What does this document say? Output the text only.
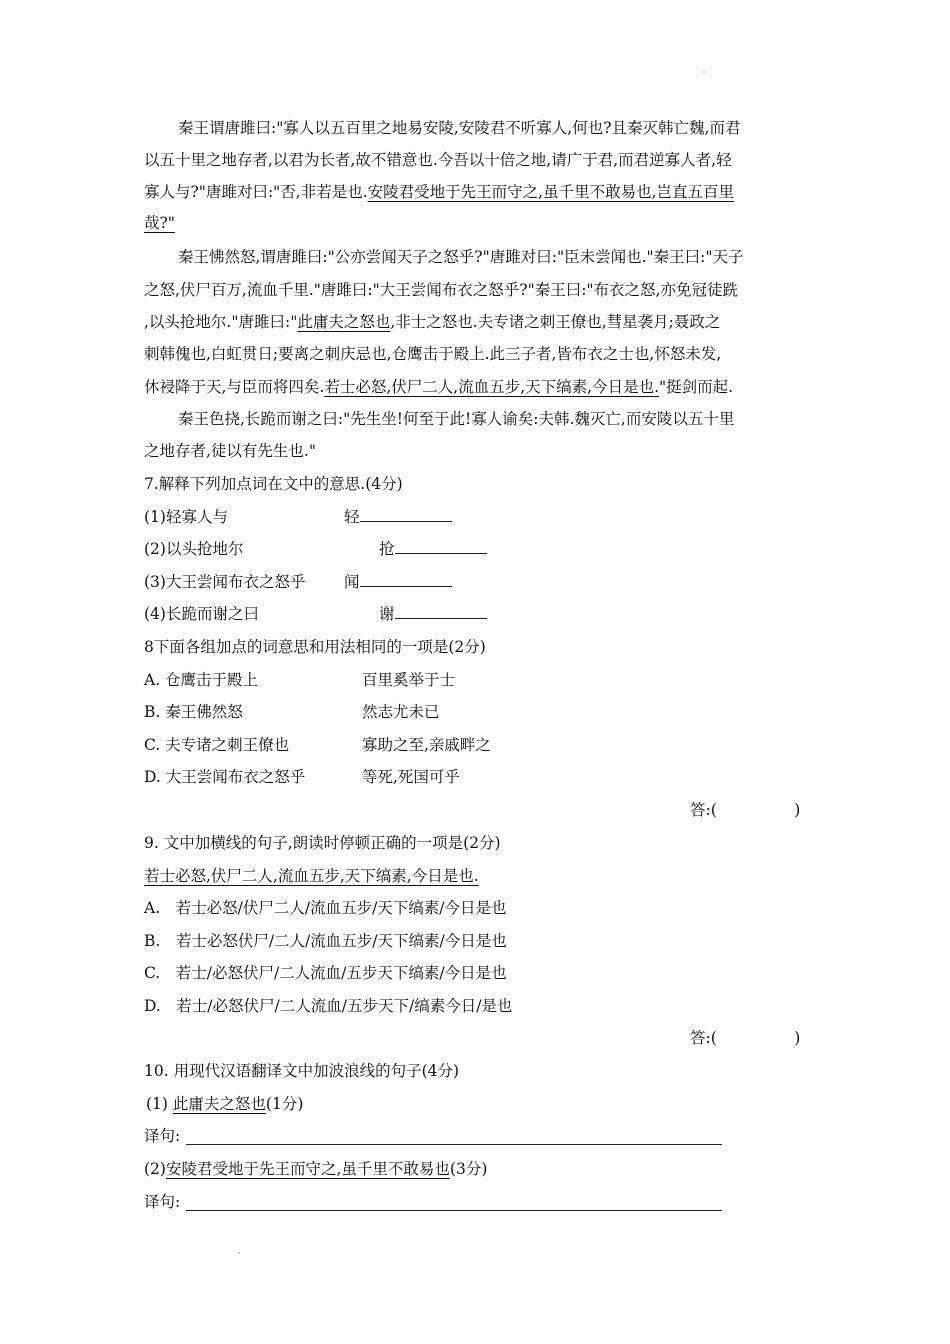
秦王谓唐雎曰:"寡人以五百里之地易安陵,安陵君不听寡人,何也?且秦灭韩亡魏,而君
以五十里之地存者,以君为长者,故不错意也.今吾以十倍之地,请广于君,而君逆寡人者,轻
寡人与?"唐雎对曰:"否,非若是也.安陵君受地于先王而守之,虽千里不敢易也,岂直五百里
哉?"
秦王怫然怒,谓唐雎曰:"公亦尝闻天子之怒乎?"唐雎对曰:"臣未尝闻也."秦王曰:"天子
之怒,伏尸百万,流血千里."唐雎曰:"大王尝闻布衣之怒乎?"秦王曰:"布衣之怒,亦免冠徒跣
,以头抢地尔."唐雎曰:"此庸夫之怒也,非士之怒也.夫专诸之刺王僚也,彗星袭月;聂政之
刺韩傀也,白虹贯日;要离之刺庆忌也,仓鹰击于殿上.此三子者,皆布衣之士也,怀怒未发,
休祲降于天,与臣而将四矣.若士必怒,伏尸二人,流血五步,天下缟素,今日是也."挺剑而起.
秦王色挠,长跪而谢之曰:"先生坐!何至于此!寡人谕矣:夫韩.魏灭亡,而安陵以五十里
之地存者,徒以有先生也."
7.解释下列加点词在文中的意思.(4分)
(1)轻寡人与	轻
(2)以头抢地尔	抢
(3)大王尝闻布衣之怒乎 闻
(4)长跪而谢之曰	谢
8下面各组加点的词意思和用法相同的一项是(2分)
A. 仓鹰击于殿上	百里奚举于士
B. 秦王佛然怒	然志尤未已
C. 夫专诸之刺王僚也	寡助之至,亲戚畔之
D. 大王尝闻布衣之怒乎	等死,死国可乎
答:(　　　　　)
9. 文中加横线的句子,朗读时停顿正确的一项是(2分)
若士必怒,伏尸二人,流血五步,天下缟素,今日是也.
A.　若士必怒/伏尸二人/流血五步/天下缟素/今日是也
B.　若士必怒伏尸/二人/流血五步/天下缟素/今日是也
C.　若士/必怒伏尸/二人流血/五步天下缟素/今日是也
D.　若士/必怒伏尸/二人流血/五步天下/缟素今日/是也
答:(　　　　　)
10. 用现代汉语翻译文中加波浪线的句子(4分)
(1) 此庸夫之怒也(1分)
译句:
(2)安陵君受地于先王而守之,虽千里不敢易也(3分)
译句:
